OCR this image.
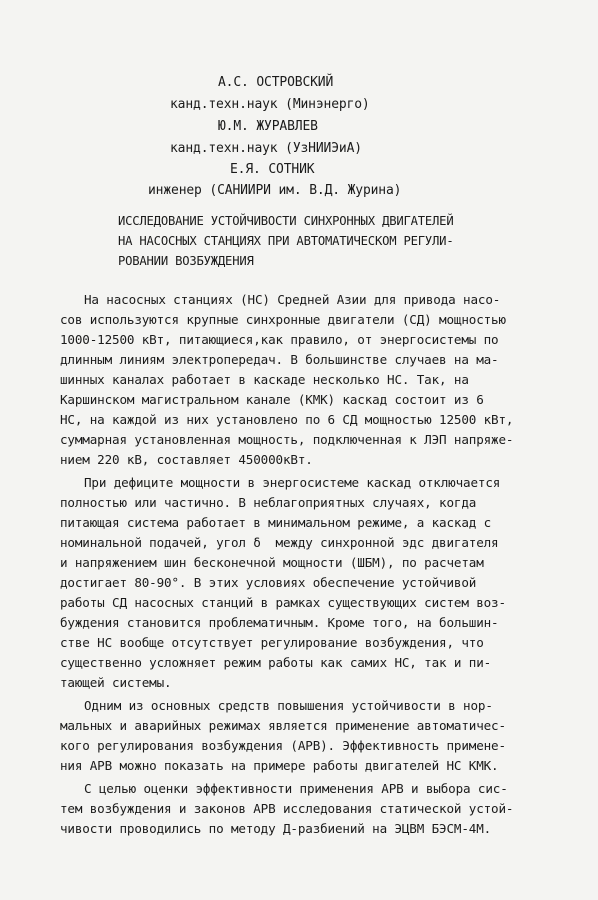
А.С. ОСТРОВСКИЙ
канд.техн.наук (Минэнерго)
Ю.М. ЖУРАВЛЕВ
канд.техн.наук (УзНИИЭиА)
Е.Я. СОТНИК
инженер (САНИИРИ им. В.Д. Журина)
ИССЛЕДОВАНИЕ УСТОЙЧИВОСТИ СИНХРОННЫХ ДВИГАТЕЛЕЙ
НА НАСОСНЫХ СТАНЦИЯХ ПРИ АВТОМАТИЧЕСКОМ РЕГУЛИ-
РОВАНИИ ВОЗБУЖДЕНИЯ
На насосных станциях (НС) Средней Азии для привода насо-
сов используются крупные синхронные двигатели (СД) мощностью
1000-12500 кВт, питающиеся,как правило, от энергосистемы по
длинным линиям электропередач. В большинстве случаев на ма-
шинных каналах работает в каскаде несколько НС. Так, на
Каршинском магистральном канале (КМК) каскад состоит из 6
НС, на каждой из них установлено по 6 СД мощностью 12500 кВт,
суммарная установленная мощность, подключенная к ЛЭП напряже-
нием 220 кВ, составляет 450000кВт.
При дефиците мощности в энергосистеме каскад отключается
полностью или частично. В неблагоприятных случаях, когда
питающая система работает в минимальном режиме, а каскад с
номинальной подачей, угол δ  между синхронной эдс двигателя
и напряжением шин бесконечной мощности (ШБМ), по расчетам
достигает 80-90°. В этих условиях обеспечение устойчивой
работы СД насосных станций в рамках существующих систем воз-
буждения становится проблематичным. Кроме того, на большин-
стве НС вообще отсутствует регулирование возбуждения, что
существенно усложняет режим работы как самих НС, так и пи-
тающей системы.
Одним из основных средств повышения устойчивости в нор-
мальных и аварийных режимах является применение автоматичес-
кого регулирования возбуждения (АРВ). Эффективность примене-
ния АРВ можно показать на примере работы двигателей НС КМК.
С целью оценки эффективности применения АРВ и выбора сис-
тем возбуждения и законов АРВ исследования статической устой-
чивости проводились по методу Д-разбиений на ЭЦВМ БЭСМ-4М.
